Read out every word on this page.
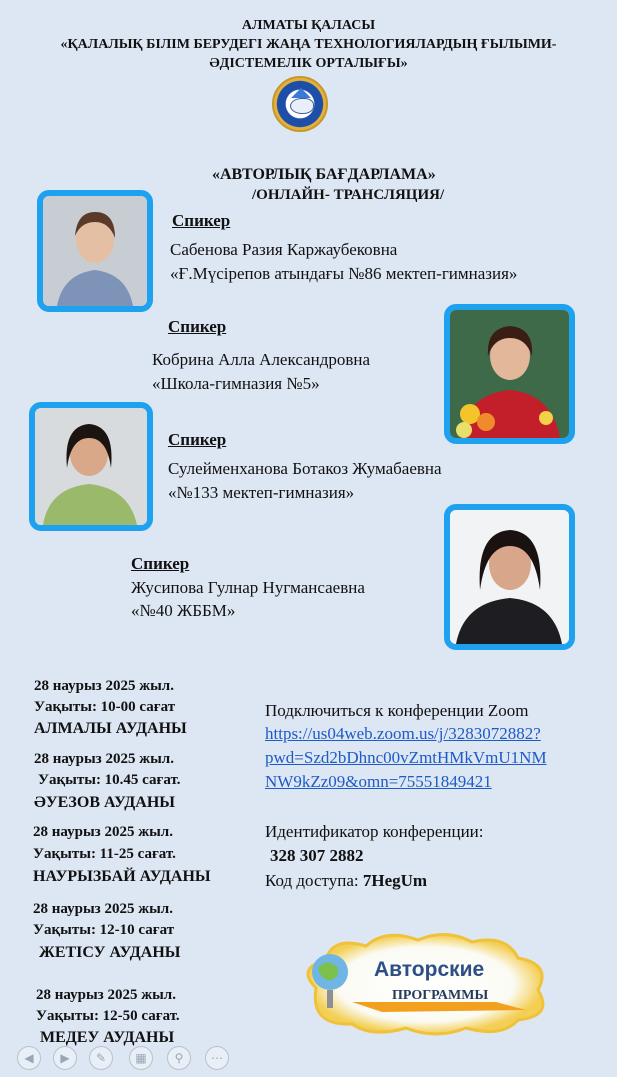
АЛМАТЫ ҚАЛАСЫ
«ҚАЛАЛЫҚ БІЛІМ БЕРУДЕГІ ЖАҢА ТЕХНОЛОГИЯЛАРДЫҢ ҒЫЛЫМИ-
ӘДІСТЕМЕЛІК ОРТАЛЫҒЫ»
«АВТОРЛЫҚ БАҒДАРЛАМА»
/ОНЛАЙН- ТРАНСЛЯЦИЯ/
Спикер
Сабенова Разия Каржаубековна
«Ғ.Мүсірепов атындағы №86 мектеп-гимназия»
Спикер
Кобрина Алла Александровна
«Школа-гимназия №5»
Спикер
Сулейменханова Ботакоз Жумабаевна
«№133 мектеп-гимназия»
Спикер
Жусипова Гулнар Нугмансаевна
«№40 ЖББМ»
28 наурыз 2025 жыл.
Уақыты: 10-00 сағат
АЛМАЛЫ АУДАНЫ
28 наурыз 2025 жыл.
Уақыты: 10.45 сағат.
ӘУЕЗОВ АУДАНЫ
28 наурыз 2025 жыл.
Уақыты: 11-25 сағат.
НАУРЫЗБАЙ АУДАНЫ
28 наурыз 2025 жыл.
Уақыты: 12-10 сағат
ЖЕТІСУ АУДАНЫ
28 наурыз 2025 жыл.
Уақыты: 12-50 сағат.
МЕДЕУ АУДАНЫ
Подключиться к конференции Zoom
https://us04web.zoom.us/j/3283072882?
pwd=Szd2bDhnc00vZmtHMkVmU1NM
NW9kZz09&omn=75551849421
Идентификатор конференции:
328 307 2882
Код доступа: 7HegUm
Авторские
ПРОГРАММЫ
◀	▶	✎	▦	⚲	⋯
